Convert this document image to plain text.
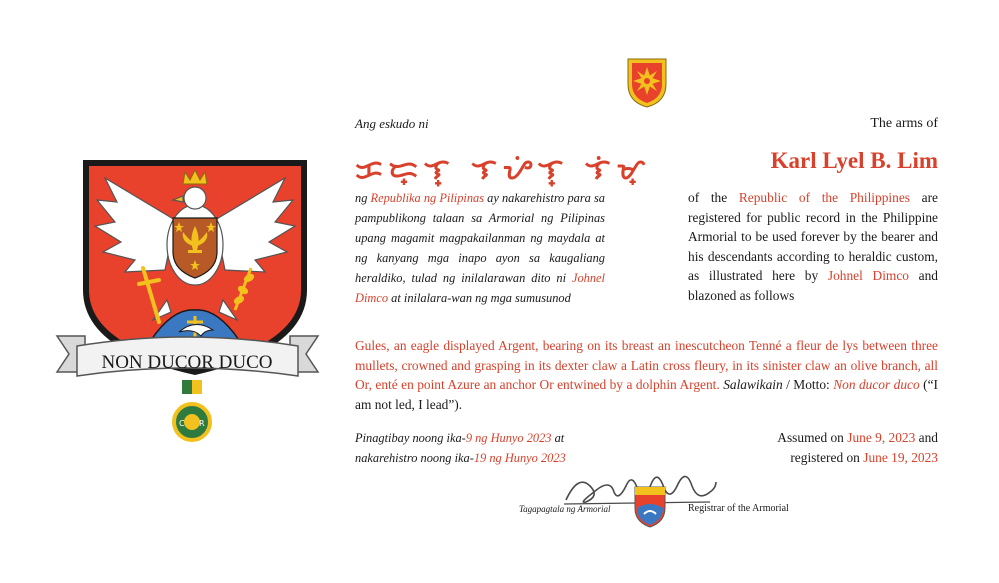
NON DUCOR DUCO
C R
Ang eskudo ni	The arms of
ᜃᜇ᜔ᜎ᜔ ᜎᜌᜒᜎ᜔ ᜎᜒᜋ᜔	Karl Lyel B. Lim
ng Republika ng Pilipinas ay nakarehistro para sa pampublikong talaan sa Armorial ng Pilipinas upang magamit magpakailanman ng maydala at ng kanyang mga inapo ayon sa kaugaliang heraldiko, tulad ng inilalarawan dito ni Johnel Dimco at inilalara-wan ng mga sumusunod
of the Republic of the Philippines are registered for public record in the Philippine Armorial to be used forever by the bearer and his descendants according to heraldic custom, as illustrated here by Johnel Dimco and blazoned as follows
Gules, an eagle displayed Argent, bearing on its breast an inescutcheon Tenné a fleur de lys between three mullets, crowned and grasping in its dexter claw a Latin cross fleury, in its sinister claw an olive branch, all Or, enté en point Azure an anchor Or entwined by a dolphin Argent. Salawikain / Motto: Non ducor duco (“I am not led, I lead”).
Pinagtibay noong ika-9 ng Hunyo 2023 at
nakarehistro noong ika-19 ng Hunyo 2023
Assumed on June 9, 2023 and
registered on June 19, 2023
Tagapagtala ng Armorial	Registrar of the Armorial
